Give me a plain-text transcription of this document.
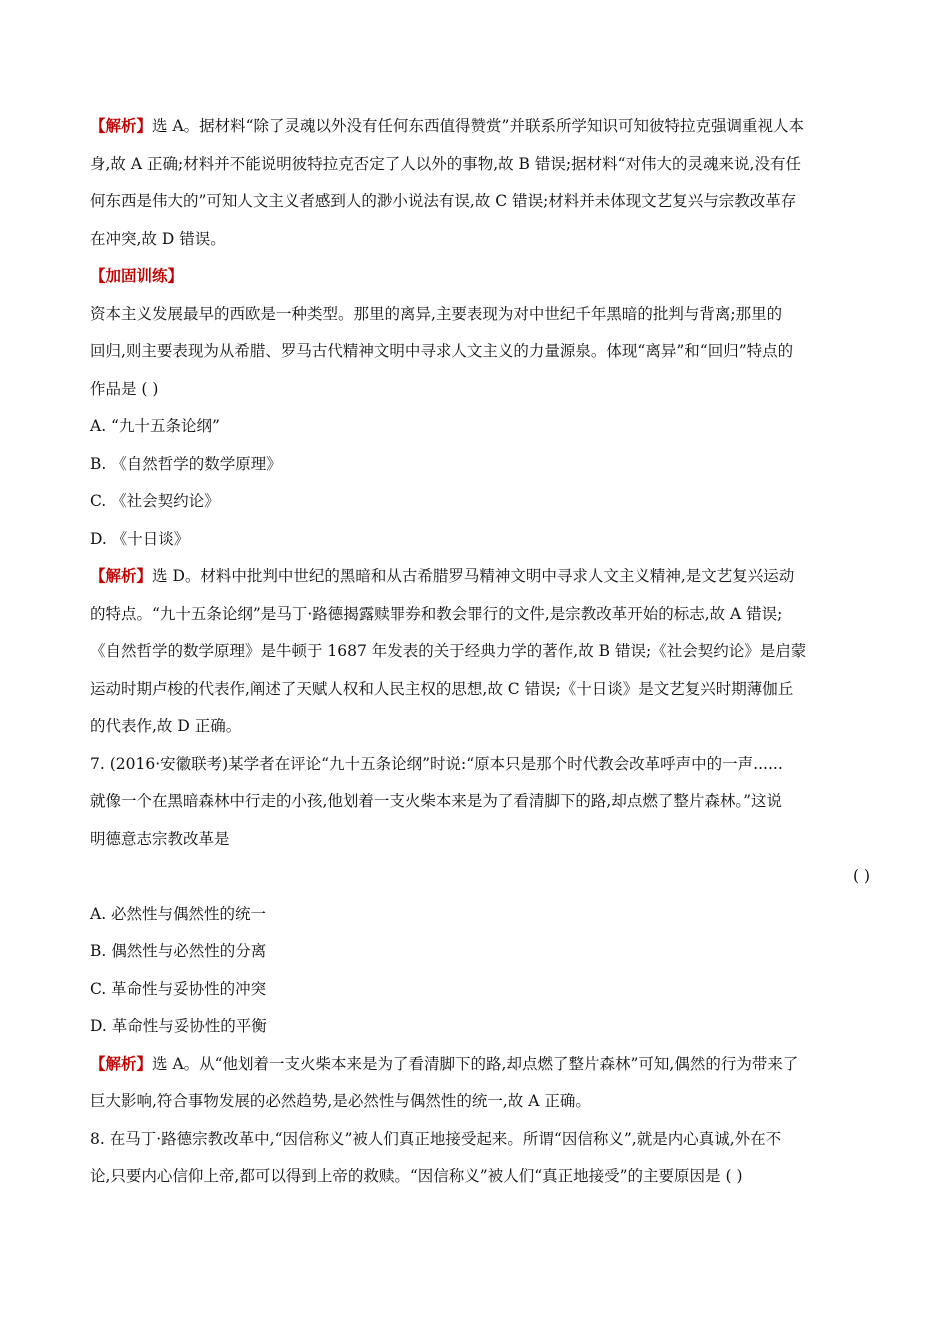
【解析】选 A。据材料“除了灵魂以外没有任何东西值得赞赏”并联系所学知识可知彼特拉克强调重视人本

身,故 A 正确;材料并不能说明彼特拉克否定了人以外的事物,故 B 错误;据材料“对伟大的灵魂来说,没有任

何东西是伟大的”可知人文主义者感到人的渺小说法有误,故 C 错误;材料并未体现文艺复兴与宗教改革存

在冲突,故 D 错误。

【加固训练】

资本主义发展最早的西欧是一种类型。那里的离异,主要表现为对中世纪千年黑暗的批判与背离;那里的

回归,则主要表现为从希腊、罗马古代精神文明中寻求人文主义的力量源泉。体现“离异”和“回归”特点的

作品是 ( )

A. “九十五条论纲”

B. 《自然哲学的数学原理》

C. 《社会契约论》

D. 《十日谈》

【解析】选 D。材料中批判中世纪的黑暗和从古希腊罗马精神文明中寻求人文主义精神,是文艺复兴运动

的特点。“九十五条论纲”是马丁·路德揭露赎罪券和教会罪行的文件,是宗教改革开始的标志,故 A 错误;

《自然哲学的数学原理》是牛顿于 1687 年发表的关于经典力学的著作,故 B 错误;《社会契约论》是启蒙

运动时期卢梭的代表作,阐述了天赋人权和人民主权的思想,故 C 错误;《十日谈》是文艺复兴时期薄伽丘

的代表作,故 D 正确。

7. (2016·安徽联考)某学者在评论“九十五条论纲”时说:“原本只是那个时代教会改革呼声中的一声......

就像一个在黑暗森林中行走的小孩,他划着一支火柴本来是为了看清脚下的路,却点燃了整片森林。”这说

明德意志宗教改革是

( )

A. 必然性与偶然性的统一

B. 偶然性与必然性的分离

C. 革命性与妥协性的冲突

D. 革命性与妥协性的平衡

【解析】选 A。从“他划着一支火柴本来是为了看清脚下的路,却点燃了整片森林”可知,偶然的行为带来了

巨大影响,符合事物发展的必然趋势,是必然性与偶然性的统一,故 A 正确。

8. 在马丁·路德宗教改革中,“因信称义”被人们真正地接受起来。所谓“因信称义”,就是内心真诚,外在不

论,只要内心信仰上帝,都可以得到上帝的救赎。“因信称义”被人们“真正地接受”的主要原因是 ( )
